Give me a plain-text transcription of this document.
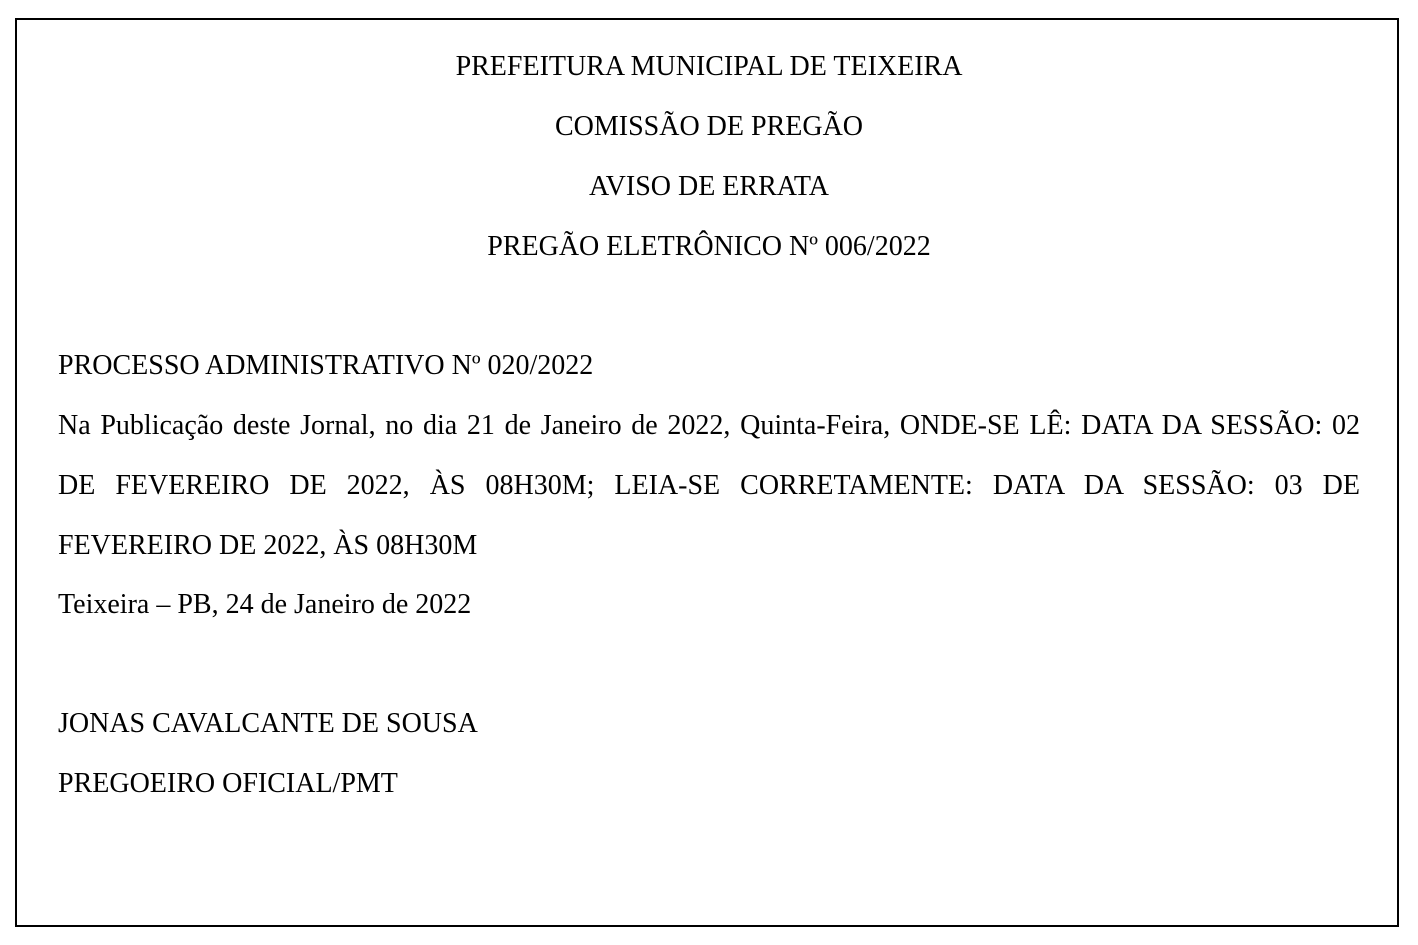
PREFEITURA MUNICIPAL DE TEIXEIRA
COMISSÃO DE PREGÃO
AVISO DE ERRATA
PREGÃO ELETRÔNICO Nº 006/2022
PROCESSO ADMINISTRATIVO Nº 020/2022
Na Publicação deste Jornal, no dia 21 de Janeiro de 2022, Quinta-Feira, ONDE-SE LÊ: DATA DA SESSÃO: 02
DE FEVEREIRO DE 2022, ÀS 08H30M; LEIA-SE CORRETAMENTE: DATA DA SESSÃO: 03 DE
FEVEREIRO DE 2022, ÀS 08H30M
Teixeira – PB, 24 de Janeiro de 2022
JONAS CAVALCANTE DE SOUSA
PREGOEIRO OFICIAL/PMT
